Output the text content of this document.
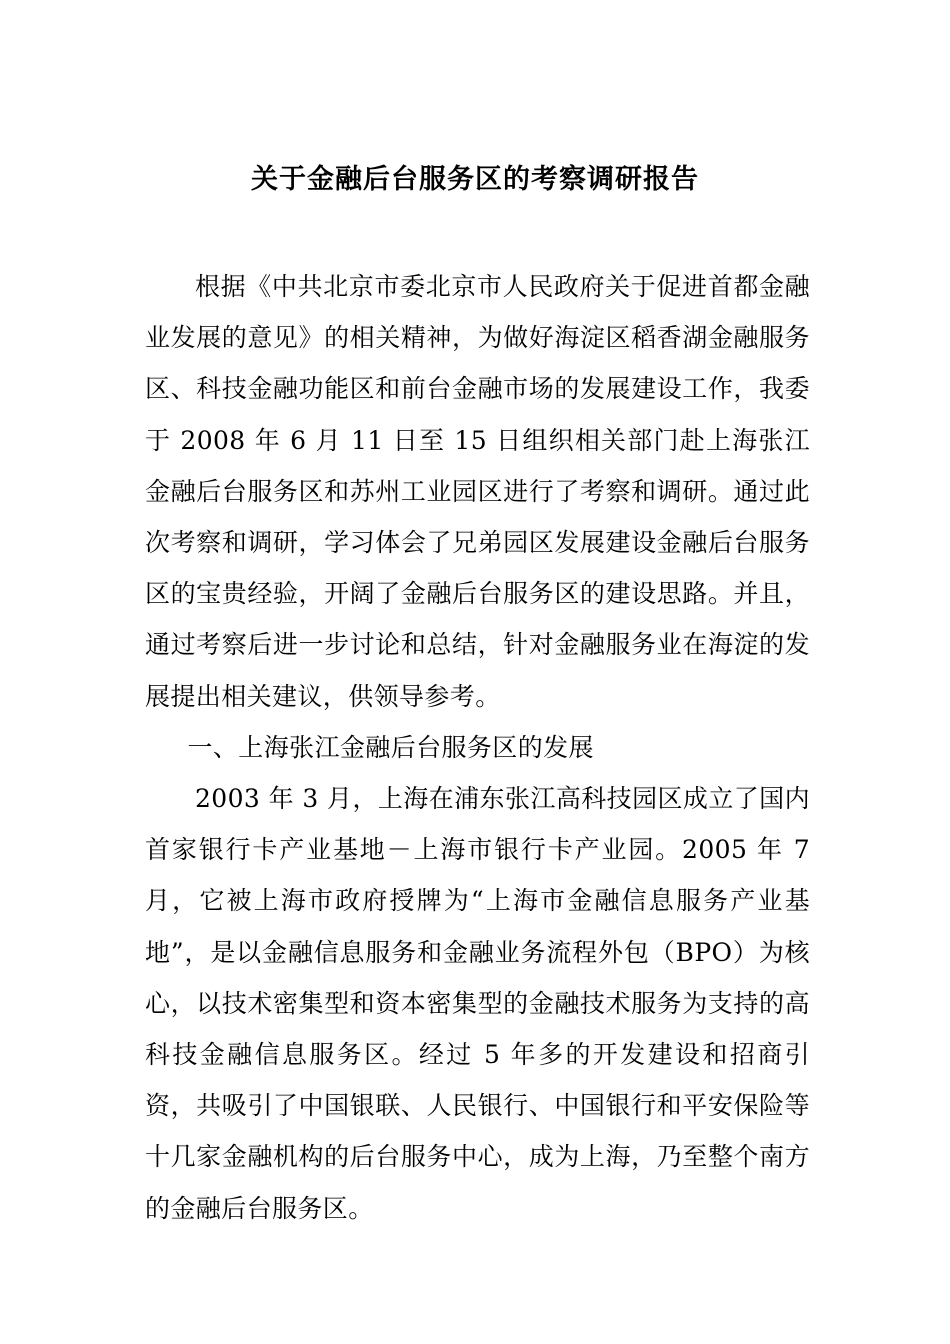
关于金融后台服务区的考察调研报告

根据《中共北京市委北京市人民政府关于促进首都金融业发展的意见》的相关精神，为做好海淀区稻香湖金融服务区、科技金融功能区和前台金融市场的发展建设工作，我委于 2008 年 6 月 11 日至 15 日组织相关部门赴上海张江金融后台服务区和苏州工业园区进行了考察和调研。通过此次考察和调研，学习体会了兄弟园区发展建设金融后台服务区的宝贵经验，开阔了金融后台服务区的建设思路。并且，通过考察后进一步讨论和总结，针对金融服务业在海淀的发展提出相关建议，供领导参考。

一、上海张江金融后台服务区的发展

2003 年 3 月，上海在浦东张江高科技园区成立了国内首家银行卡产业基地－上海市银行卡产业园。2005 年 7 月，它被上海市政府授牌为“上海市金融信息服务产业基地”，是以金融信息服务和金融业务流程外包（BPO）为核心，以技术密集型和资本密集型的金融技术服务为支持的高科技金融信息服务区。经过 5 年多的开发建设和招商引资，共吸引了中国银联、人民银行、中国银行和平安保险等十几家金融机构的后台服务中心，成为上海，乃至整个南方的金融后台服务区。
